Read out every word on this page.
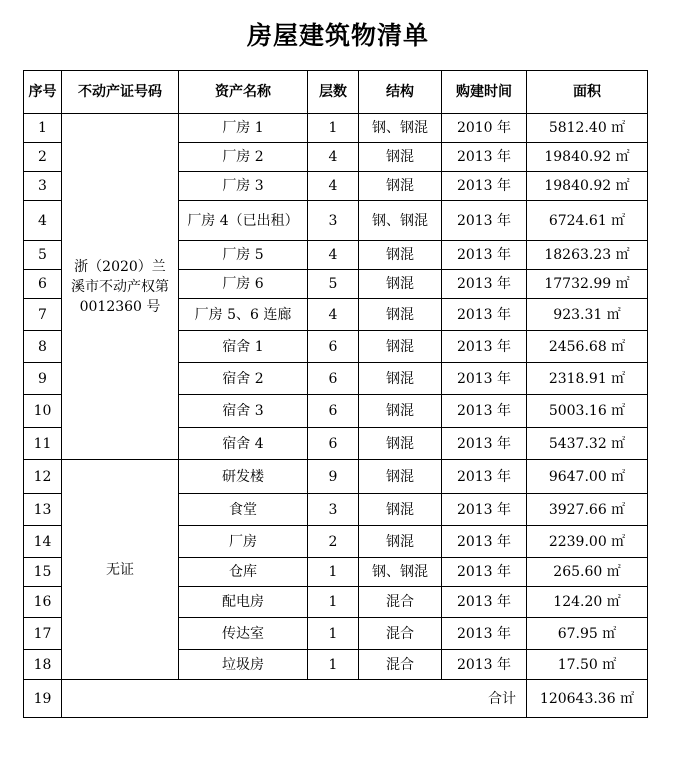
房屋建筑物清单
序号	不动产证号码	资产名称	层数	结构	购建时间	面积
1	浙（2020）兰溪市不动产权第 0012360 号	厂房 1	1	钢、钢混	2010 年	5812.40 ㎡
2		厂房 2	4	钢混	2013 年	19840.92 ㎡
3		厂房 3	4	钢混	2013 年	19840.92 ㎡
4		厂房 4（已出租）	3	钢、钢混	2013 年	6724.61 ㎡
5		厂房 5	4	钢混	2013 年	18263.23 ㎡
6		厂房 6	5	钢混	2013 年	17732.99 ㎡
7		厂房 5、6 连廊	4	钢混	2013 年	923.31 ㎡
8		宿舍 1	6	钢混	2013 年	2456.68 ㎡
9		宿舍 2	6	钢混	2013 年	2318.91 ㎡
10		宿舍 3	6	钢混	2013 年	5003.16 ㎡
11		宿舍 4	6	钢混	2013 年	5437.32 ㎡
12	无证	研发楼	9	钢混	2013 年	9647.00 ㎡
13		食堂	3	钢混	2013 年	3927.66 ㎡
14		厂房	2	钢混	2013 年	2239.00 ㎡
15		仓库	1	钢、钢混	2013 年	265.60 ㎡
16		配电房	1	混合	2013 年	124.20 ㎡
17		传达室	1	混合	2013 年	67.95 ㎡
18		垃圾房	1	混合	2013 年	17.50 ㎡
19	合计					120643.36 ㎡
